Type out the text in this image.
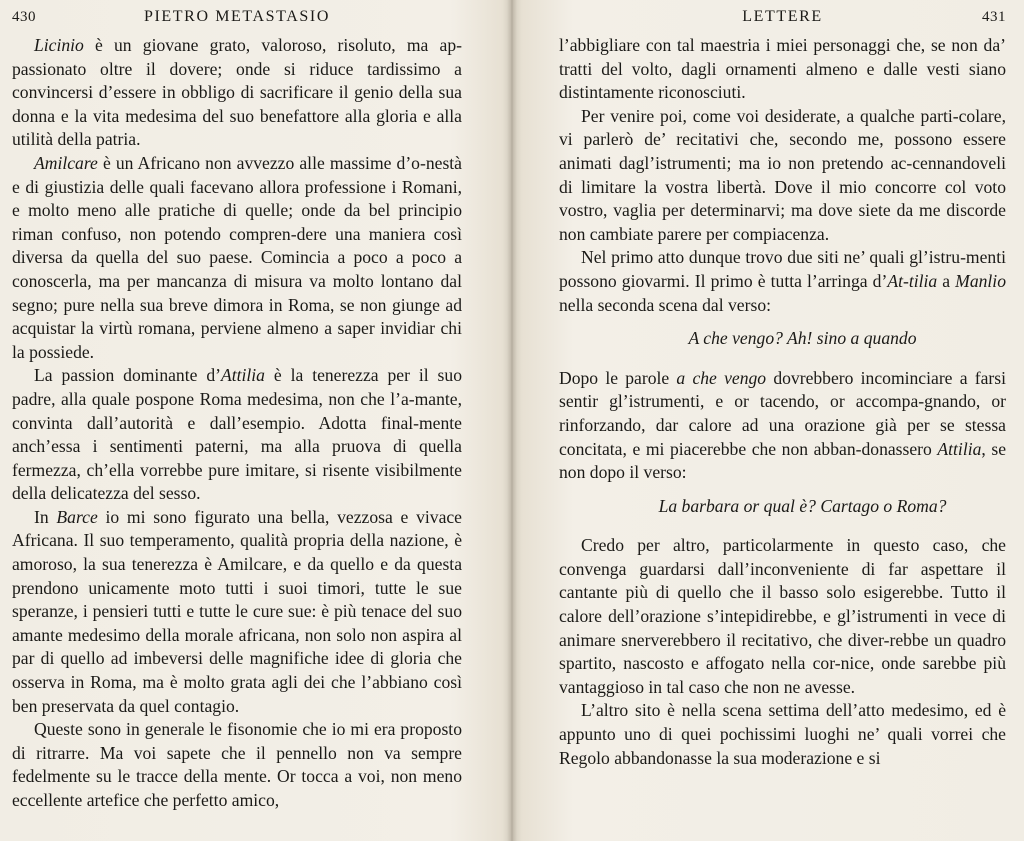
430	PIETRO METASTASIO

Licinio è un giovane grato, valoroso, risoluto, ma ap-passionato oltre il dovere; onde si riduce tardissimo a convincersi d’essere in obbligo di sacrificare il genio della sua donna e la vita medesima del suo benefattore alla gloria e alla utilità della patria.

Amilcare è un Africano non avvezzo alle massime d’o-nestà e di giustizia delle quali facevano allora professione i Romani, e molto meno alle pratiche di quelle; onde da bel principio riman confuso, non potendo compren-dere una maniera così diversa da quella del suo paese. Comincia a poco a poco a conoscerla, ma per mancanza di misura va molto lontano dal segno; pure nella sua breve dimora in Roma, se non giunge ad acquistar la virtù romana, perviene almeno a saper invidiar chi la possiede.

La passion dominante d’Attilia è la tenerezza per il suo padre, alla quale pospone Roma medesima, non che l’a-mante, convinta dall’autorità e dall’esempio. Adotta final-mente anch’essa i sentimenti paterni, ma alla pruova di quella fermezza, ch’ella vorrebbe pure imitare, si risente visibilmente della delicatezza del sesso.

In Barce io mi sono figurato una bella, vezzosa e vivace Africana. Il suo temperamento, qualità propria della nazione, è amoroso, la sua tenerezza è Amilcare, e da quello e da questa prendono unicamente moto tutti i suoi timori, tutte le sue speranze, i pensieri tutti e tutte le cure sue: è più tenace del suo amante medesimo della morale africana, non solo non aspira al par di quello ad imbeversi delle magnifiche idee di gloria che osserva in Roma, ma è molto grata agli dei che l’abbiano così ben preservata da quel contagio.

Queste sono in generale le fisonomie che io mi era proposto di ritrarre. Ma voi sapete che il pennello non va sempre fedelmente su le tracce della mente. Or tocca a voi, non meno eccellente artefice che perfetto amico,

LETTERE	431

l’abbigliare con tal maestria i miei personaggi che, se non da’ tratti del volto, dagli ornamenti almeno e dalle vesti siano distintamente riconosciuti.

Per venire poi, come voi desiderate, a qualche parti-colare, vi parlerò de’ recitativi che, secondo me, possono essere animati dagl’istrumenti; ma io non pretendo ac-cennandoveli di limitare la vostra libertà. Dove il mio concorre col voto vostro, vaglia per determinarvi; ma dove siete da me discorde non cambiate parere per compiacenza.

Nel primo atto dunque trovo due siti ne’ quali gl’istru-menti possono giovarmi. Il primo è tutta l’arringa d’At-tilia a Manlio nella seconda scena dal verso:

A che vengo? Ah! sino a quando

Dopo le parole a che vengo dovrebbero incominciare a farsi sentir gl’istrumenti, e or tacendo, or accompa-gnando, or rinforzando, dar calore ad una orazione già per se stessa concitata, e mi piacerebbe che non abban-donassero Attilia, se non dopo il verso:

La barbara or qual è? Cartago o Roma?

Credo per altro, particolarmente in questo caso, che convenga guardarsi dall’inconveniente di far aspettare il cantante più di quello che il basso solo esigerebbe. Tutto il calore dell’orazione s’intepidirebbe, e gl’istrumenti in vece di animare snerverebbero il recitativo, che diver-rebbe un quadro spartito, nascosto e affogato nella cor-nice, onde sarebbe più vantaggioso in tal caso che non ne avesse.

L’altro sito è nella scena settima dell’atto medesimo, ed è appunto uno di quei pochissimi luoghi ne’ quali vorrei che Regolo abbandonasse la sua moderazione e si
